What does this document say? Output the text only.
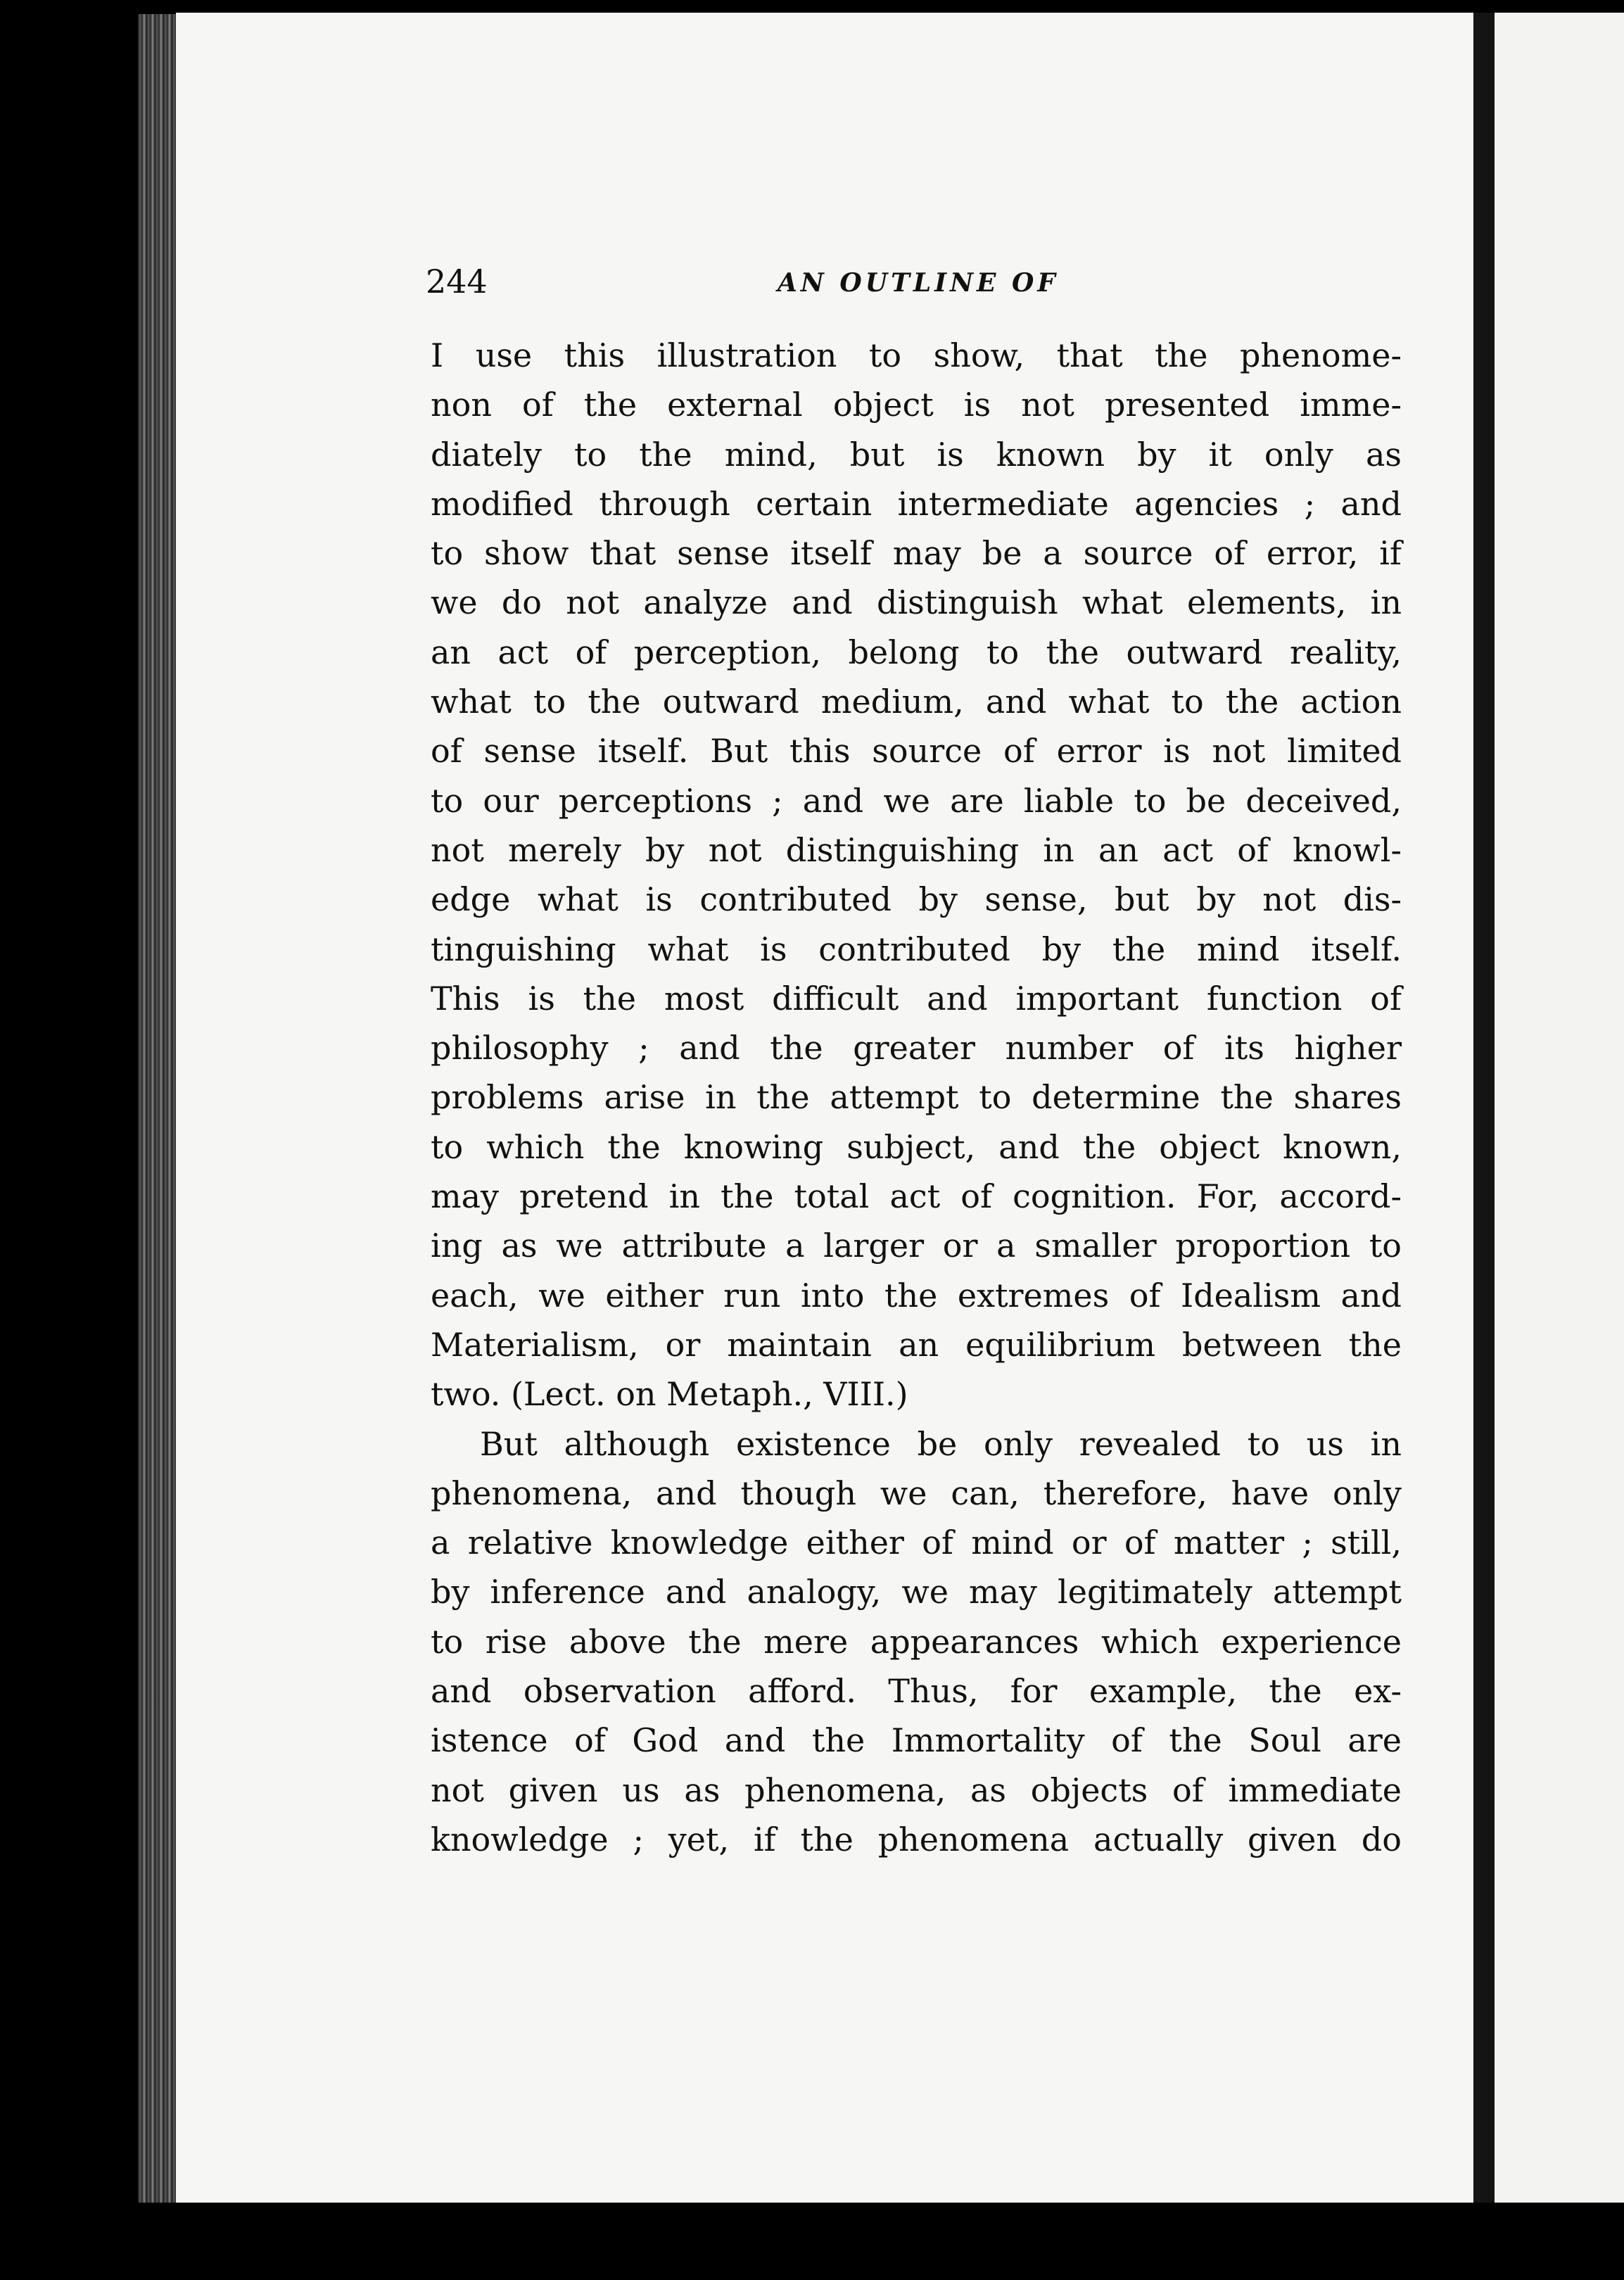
244	AN OUTLINE OF
I use this illustration to show, that the phenome-
non of the external object is not presented imme-
diately to the mind, but is known by it only as
modified through certain intermediate agencies ; and
to show that sense itself may be a source of error, if
we do not analyze and distinguish what elements, in
an act of perception, belong to the outward reality,
what to the outward medium, and what to the action
of sense itself. But this source of error is not limited
to our perceptions ; and we are liable to be deceived,
not merely by not distinguishing in an act of knowl-
edge what is contributed by sense, but by not dis-
tinguishing what is contributed by the mind itself.
This is the most difficult and important function of
philosophy ; and the greater number of its higher
problems arise in the attempt to determine the shares
to which the knowing subject, and the object known,
may pretend in the total act of cognition. For, accord-
ing as we attribute a larger or a smaller proportion to
each, we either run into the extremes of Idealism and
Materialism, or maintain an equilibrium between the
two. (Lect. on Metaph., VIII.)
But although existence be only revealed to us in
phenomena, and though we can, therefore, have only
a relative knowledge either of mind or of matter ; still,
by inference and analogy, we may legitimately attempt
to rise above the mere appearances which experience
and observation afford. Thus, for example, the ex-
istence of God and the Immortality of the Soul are
not given us as phenomena, as objects of immediate
knowledge ; yet, if the phenomena actually given do
